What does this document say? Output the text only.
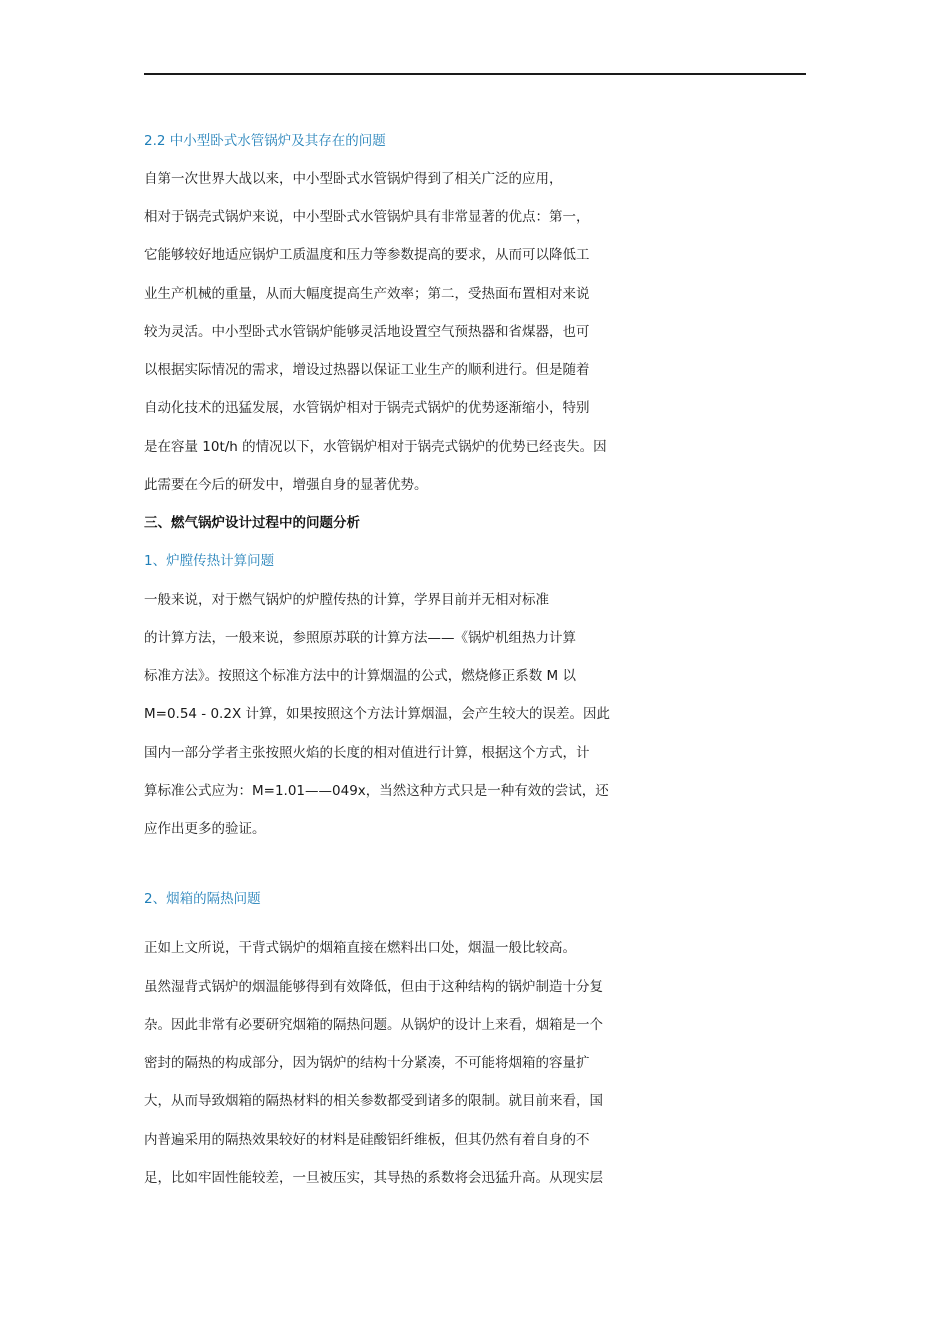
2.2 中小型卧式水管锅炉及其存在的问题
自第一次世界大战以来，中小型卧式水管锅炉得到了相关广泛的应用，
相对于锅壳式锅炉来说，中小型卧式水管锅炉具有非常显著的优点：第一，
它能够较好地适应锅炉工质温度和压力等参数提高的要求，从而可以降低工
业生产机械的重量，从而大幅度提高生产效率；第二，受热面布置相对来说
较为灵活。中小型卧式水管锅炉能够灵活地设置空气预热器和省煤器，也可
以根据实际情况的需求，增设过热器以保证工业生产的顺利进行。但是随着
自动化技术的迅猛发展，水管锅炉相对于锅壳式锅炉的优势逐渐缩小，特别
是在容量 10t/h 的情况以下，水管锅炉相对于锅壳式锅炉的优势已经丧失。因
此需要在今后的研发中，增强自身的显著优势。
三、燃气锅炉设计过程中的问题分析
1、炉膛传热计算问题
一般来说，对于燃气锅炉的炉膛传热的计算，学界目前并无相对标准
的计算方法，一般来说，参照原苏联的计算方法——《锅炉机组热力计算
标准方法》。按照这个标准方法中的计算烟温的公式，燃烧修正系数 M 以
M=0.54 ‐ 0.2X 计算，如果按照这个方法计算烟温，会产生较大的误差。因此
国内一部分学者主张按照火焰的长度的相对值进行计算，根据这个方式，计
算标准公式应为：M=1.01——049x，当然这种方式只是一种有效的尝试，还
应作出更多的验证。
2、烟箱的隔热问题
正如上文所说，干背式锅炉的烟箱直接在燃料出口处，烟温一般比较高。
虽然湿背式锅炉的烟温能够得到有效降低，但由于这种结构的锅炉制造十分复
杂。因此非常有必要研究烟箱的隔热问题。从锅炉的设计上来看，烟箱是一个
密封的隔热的构成部分，因为锅炉的结构十分紧凑，不可能将烟箱的容量扩
大，从而导致烟箱的隔热材料的相关参数都受到诸多的限制。就目前来看，国
内普遍采用的隔热效果较好的材料是硅酸铝纤维板，但其仍然有着自身的不
足，比如牢固性能较差，一旦被压实，其导热的系数将会迅猛升高。从现实层
